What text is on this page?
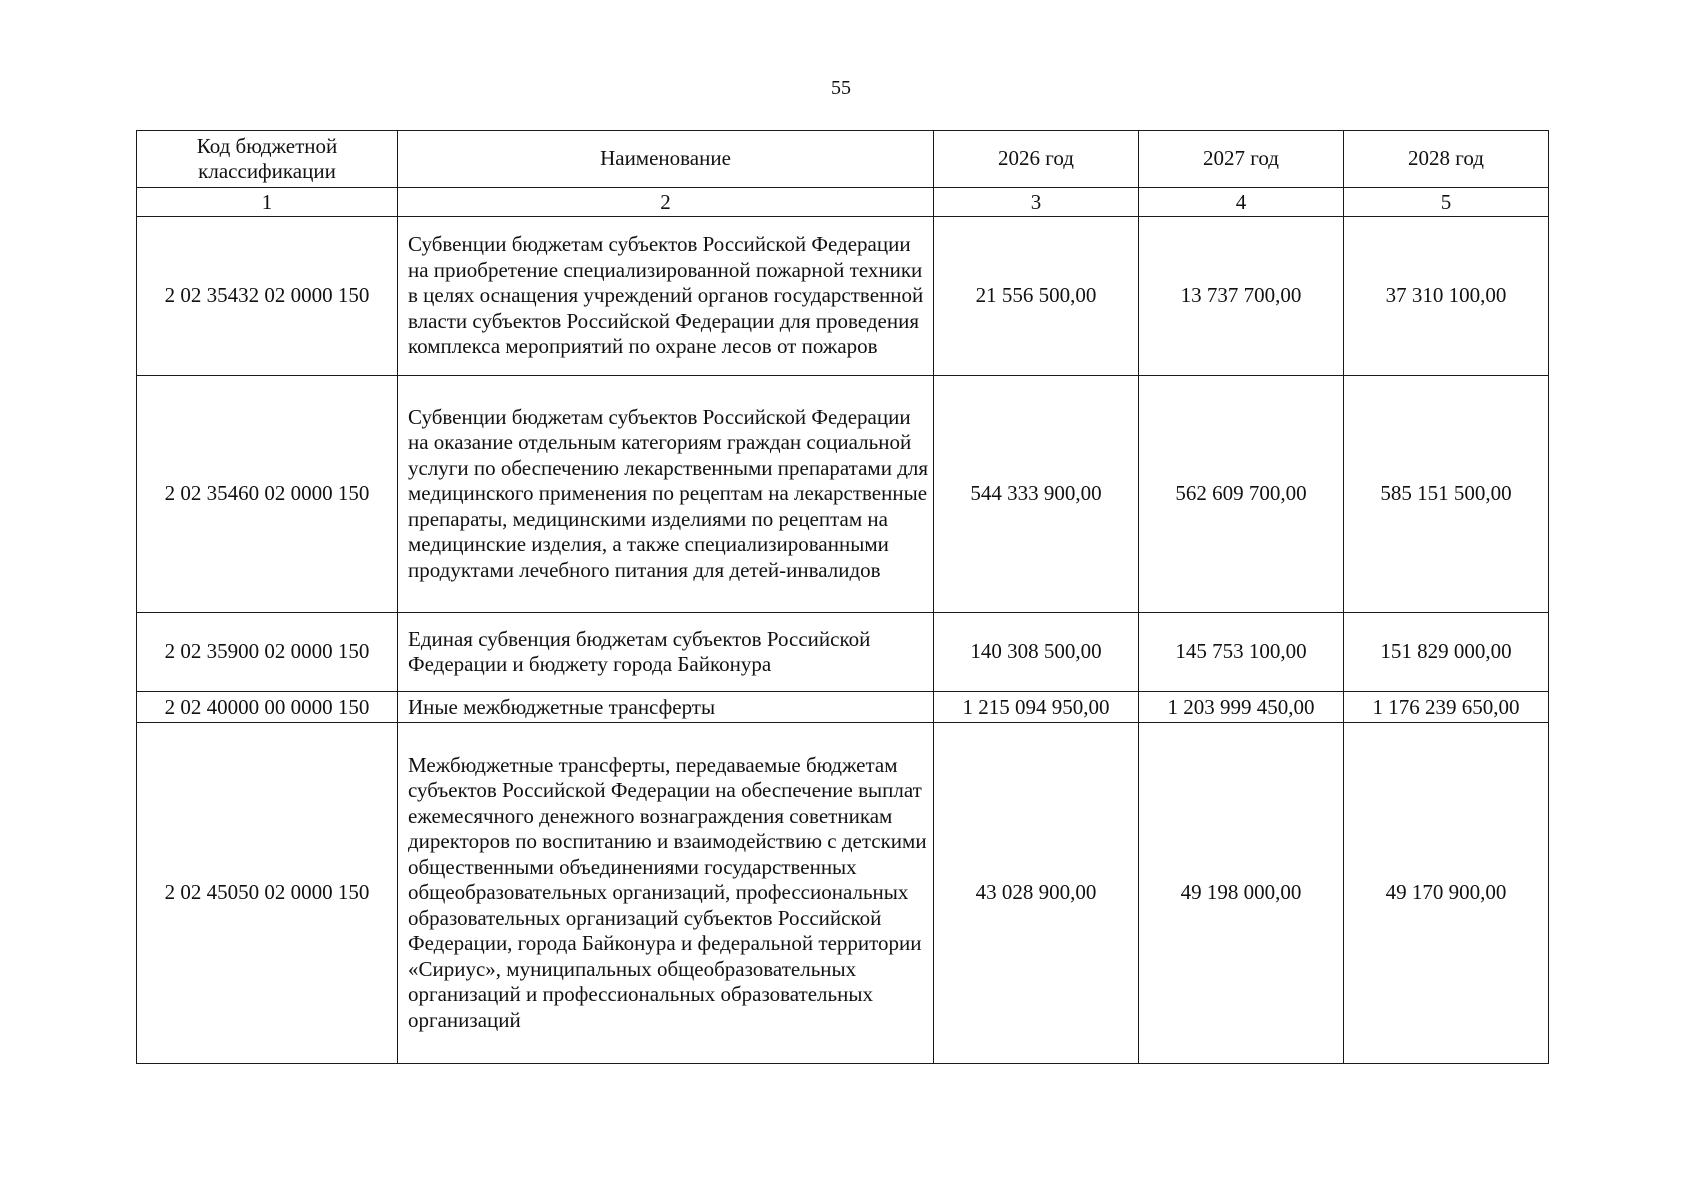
55
Код бюджетной классификации	Наименование	2026 год	2027 год	2028 год
1	2	3	4	5
2 02 35432 02 0000 150	Субвенции бюджетам субъектов Российской Федерации на приобретение специализированной пожарной техники в целях оснащения учреждений органов государственной власти субъектов Российской Федерации для проведения комплекса мероприятий по охране лесов от пожаров	21 556 500,00	13 737 700,00	37 310 100,00
2 02 35460 02 0000 150	Субвенции бюджетам субъектов Российской Федерации на оказание отдельным категориям граждан социальной услуги по обеспечению лекарственными препаратами для медицинского применения по рецептам на лекарственные препараты, медицинскими изделиями по рецептам на медицинские изделия, а также специализированными продуктами лечебного питания для детей-инвалидов	544 333 900,00	562 609 700,00	585 151 500,00
2 02 35900 02 0000 150	Единая субвенция бюджетам субъектов Российской Федерации и бюджету города Байконура	140 308 500,00	145 753 100,00	151 829 000,00
2 02 40000 00 0000 150	Иные межбюджетные трансферты	1 215 094 950,00	1 203 999 450,00	1 176 239 650,00
2 02 45050 02 0000 150	Межбюджетные трансферты, передаваемые бюджетам субъектов Российской Федерации на обеспечение выплат ежемесячного денежного вознаграждения советникам директоров по воспитанию и взаимодействию с детскими общественными объединениями государственных общеобразовательных организаций, профессиональных образовательных организаций субъектов Российской Федерации, города Байконура и федеральной территории «Сириус», муниципальных общеобразовательных организаций и профессиональных образовательных организаций	43 028 900,00	49 198 000,00	49 170 900,00
